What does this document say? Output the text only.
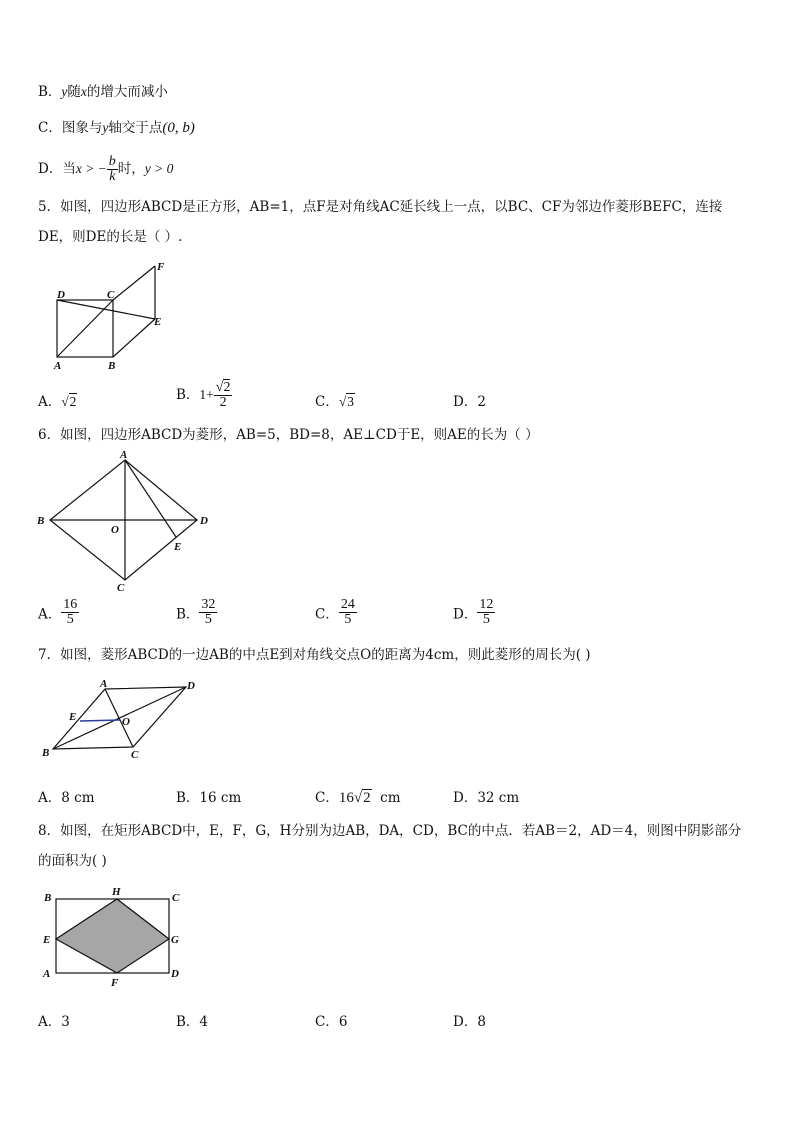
B．y随x的增大而减小
C．图象与y轴交于点(0, b)
D．当x > − $\frac{b}{k}$ 时，y > 0
5．如图，四边形ABCD是正方形，AB=1，点F是对角线AC延长线上一点，以BC、CF为邻边作菱形BEFC，连接
DE，则DE的长是（ ）.
D	C
F
E
A	B
A．√2	B．$1+ \frac{√2}{2}$	C．√3	D．2
6．如图，四边形ABCD为菱形，AB=5，BD=8，AE⊥CD于E，则AE的长为（ ）
A
B
O
D
E
C
A． $\frac{16}{5}$	B． $\frac{32}{5}$	C． $\frac{24}{5}$	D． $\frac{12}{5}$
7．如图，菱形ABCD的一边AB的中点E到对角线交点O的距离为4cm，则此菱形的周长为( )
A	D
E	O
B	C
A．8 cm	B．16 cm	C．16√2 cm	D．32 cm
8．如图，在矩形ABCD中，E，F，G，H分别为边AB，DA，CD，BC的中点．若AB＝2，AD＝4，则图中阴影部分
的面积为( )
B	H	C
E	G
A
F
D
A．3	B．4	C．6	D．8
